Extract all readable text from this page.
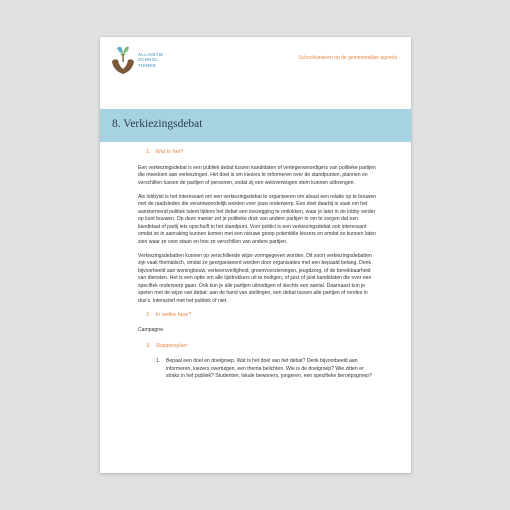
ALLIANTIE
SCHOOL
TUINEN
Schooltuinieren op de gemeentelijke agenda
8. Verkiezingsdebat
1. Wat is het?

Een verkiezingsdebat is een publiek debat tussen kandidaten of vertegenwoordigers van politieke partijen die meedoen aan verkiezingen. Het doel is om kiezers te informeren over de standpunten, plannen en verschillen tussen de partijen of personen, zodat zij een weloverwogen stem kunnen uitbrengen.

Als lobbyist is het interessant om een verkiezingsdebat te organiseren om alvast een relatie op te bouwen met de raadsleden die verantwoordelijk worden voor jouw onderwerp. Een doel daarbij is vaak om het aanstormend politiek talent tijdens het debat een toezegging te ontlokken, waar je later in de lobby verder op kunt bouwen. Op deze manier zet je politieke druk van andere partijen in om te zorgen dat een kandidaat of partij iets opschuift in het standpunt. Voor politici is een verkiezingsdebat ook interessant omdat ze in aanraking kunnen komen met een nieuwe groep potentiële kiezers en omdat ze kunnen laten zien waar ze voor staan en hoe ze verschillen van andere partijen.

Verkiezingsdebatten kunnen op verschillende wijze vormgegeven worden. Dit soort verkiezingsdebatten zijn vaak thematisch, omdat ze georganiseerd worden door organisaties met een bepaald belang. Denk bijvoorbeeld aan woningbouw, verkeersveiligheid, groenvoorzieningen, jeugdzorg, of de bereikbaarheid van diensten. Het is een optie om alle lijsttrekkers uit te nodigen, of juist of juist kandidaten die over een specifiek onderwerp gaan. Ook kun je alle partijen uitnodigen of slechts een aantal. Daarnaast kun je spelen met de wijze van debat: aan de hand van stellingen, een debat tussen alle partijen of rondes in duo's, interactief met het publiek of niet.

2. In welke fase?
Campagne.
3. Stappenplan:
1.	Bepaal een doel en doelgroep. Wat is het doel van het debat? Denk bijvoorbeeld aan informeren, kiezers overtuigen, een thema belichten. Wie is de doelgroep? Wie zitten er straks in het publiek? Studenten, lokale bewoners, jongeren, een specifieke beroepsgroep?
